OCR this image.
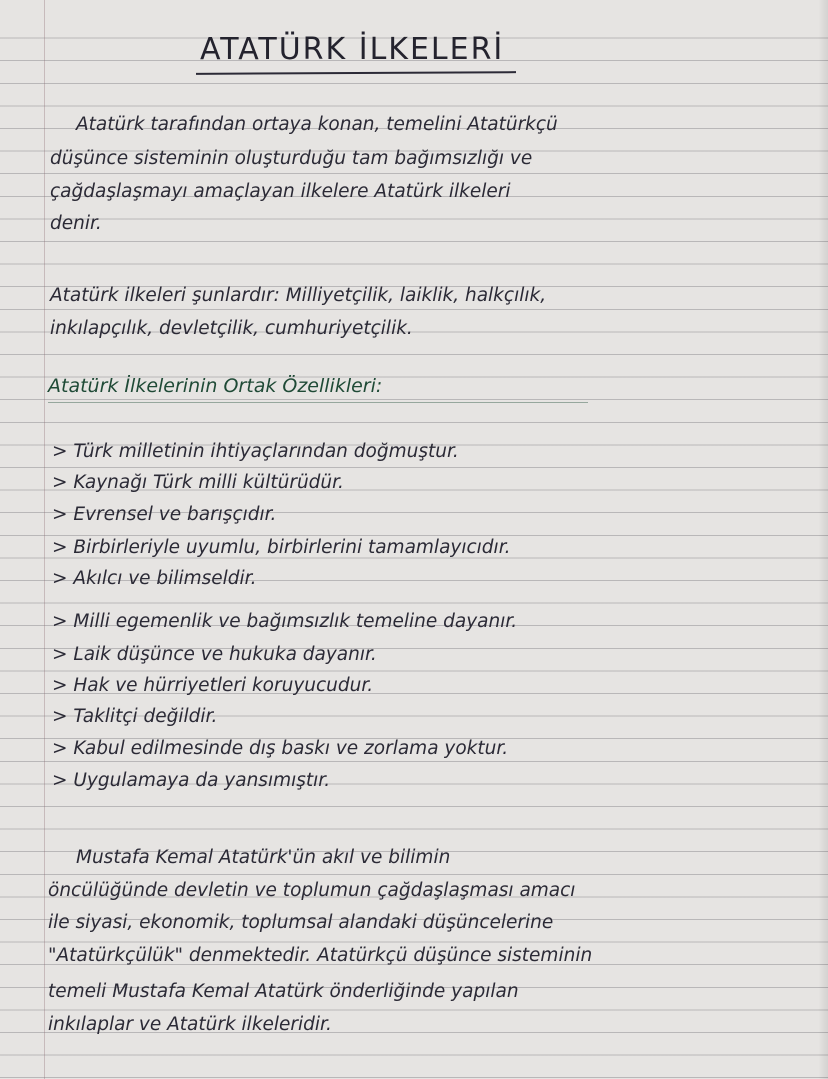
ATATÜRK İLKELERİ
Atatürk tarafından ortaya konan, temelini Atatürkçü
düşünce sisteminin oluşturduğu tam bağımsızlığı ve
çağdaşlaşmayı amaçlayan ilkelere Atatürk ilkeleri
denir.
Atatürk ilkeleri şunlardır: Milliyetçilik, laiklik, halkçılık,
inkılapçılık, devletçilik, cumhuriyetçilik.
Atatürk İlkelerinin Ortak Özellikleri:
> Türk milletinin ihtiyaçlarından doğmuştur.
> Kaynağı Türk milli kültürüdür.
> Evrensel ve barışçıdır.
> Birbirleriyle uyumlu, birbirlerini tamamlayıcıdır.
> Akılcı ve bilimseldir.
> Milli egemenlik ve bağımsızlık temeline dayanır.
> Laik düşünce ve hukuka dayanır.
> Hak ve hürriyetleri koruyucudur.
> Taklitçi değildir.
> Kabul edilmesinde dış baskı ve zorlama yoktur.
> Uygulamaya da yansımıştır.
Mustafa Kemal Atatürk'ün akıl ve bilimin
öncülüğünde devletin ve toplumun çağdaşlaşması amacı
ile siyasi, ekonomik, toplumsal alandaki düşüncelerine
"Atatürkçülük" denmektedir. Atatürkçü düşünce sisteminin
temeli Mustafa Kemal Atatürk önderliğinde yapılan
inkılaplar ve Atatürk ilkeleridir.
